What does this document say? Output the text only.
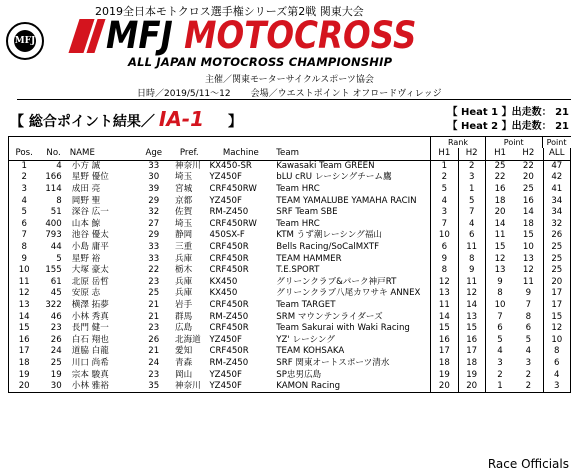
2019全日本モトクロス選手権シリーズ第2戦 関東大会
MFJ MFJ MOTOCROSS
ALL JAPAN MOTOCROSS CHAMPIONSHIP
主催／関東モーターサイクルスポーツ協会
日時／2019/5/11～12 会場／ウエストポイント オフロードヴィレッジ
【 総合ポイント結果／ IA-1 】
【 Heat 1 】出走数： 21
【 Heat 2 】出走数： 21
							Rank		Point Point		

Pos.	No.	NAME	Age	Pref.	Machine	Team	H1	H2	H1	H2	ALL
1	4	小方 誠	33	神奈川	KX450-SR	Kawasaki Team GREEN	1	2	25	22	47
2	166	星野 優位	30	埼玉	YZ450F	bLU cRU レーシングチーム鷹	2	3	22	20	42
3	114	成田 亮	39	宮城	CRF450RW	Team HRC	5	1	16	25	41
4	8	岡野 聖	29	京都	YZ450F	TEAM YAMALUBE YAMAHA RACIN	4	5	18	16	34
5	51	深谷 広一	32	佐賀	RM-Z450	SRF Team SBE	3	7	20	14	34
6	400	山本 鯨	27	埼玉	CRF450RW	Team HRC	7	4	14	18	32
7	793	池谷 優太	29	静岡	450SX-F	KTM うず潮レーシング福山	10	6	11	15	26
8	44	小島 庸平	33	三重	CRF450R	Bells Racing/SoCalMXTF	6	11	15	10	25
9	5	星野 裕	33	兵庫	CRF450R	TEAM HAMMER	9	8	12	13	25
10	155	大塚 豪太	22	栃木	CRF450R	T.E.SPORT	8	9	13	12	25
11	61	北原 岳哲	23	兵庫	KX450	グリーンクラブ&パーク神戸RT	12	11	9	11	20
12	45	安原 志	25	兵庫	KX450	グリーンクラブ八尾カワサキ ANNEX	13	12	8	9	17
13	322	横澤 拓夢	21	岩手	CRF450R	Team TARGET	11	14	10	7	17
14	46	小林 秀真	21	群馬	RM-Z450	SRM マウンテンライダーズ	14	13	7	8	15
15	23	長門 健一	23	広島	CRF450R	Team Sakurai with Waki Racing	15	15	6	6	12
16	26	白石 翔也	26	北海道	YZ450F	YZ' レーシング	16	16	5	5	10
17	24	道脇 白龍	21	愛知	CRF450R	TEAM KOHSAKA	17	17	4	4	8
18	25	川口 尚希	24	青森	RM-Z450	SRF 関東オートスポーツ清水	18	18	3	3	6
19	19	宗本 駿真	23	岡山	YZ450F	SP忠男広島	19	19	2	2	4
20	30	小林 雅裕	35	神奈川	YZ450F	KAMON Racing	20	20	1	2	3
Race Officials
